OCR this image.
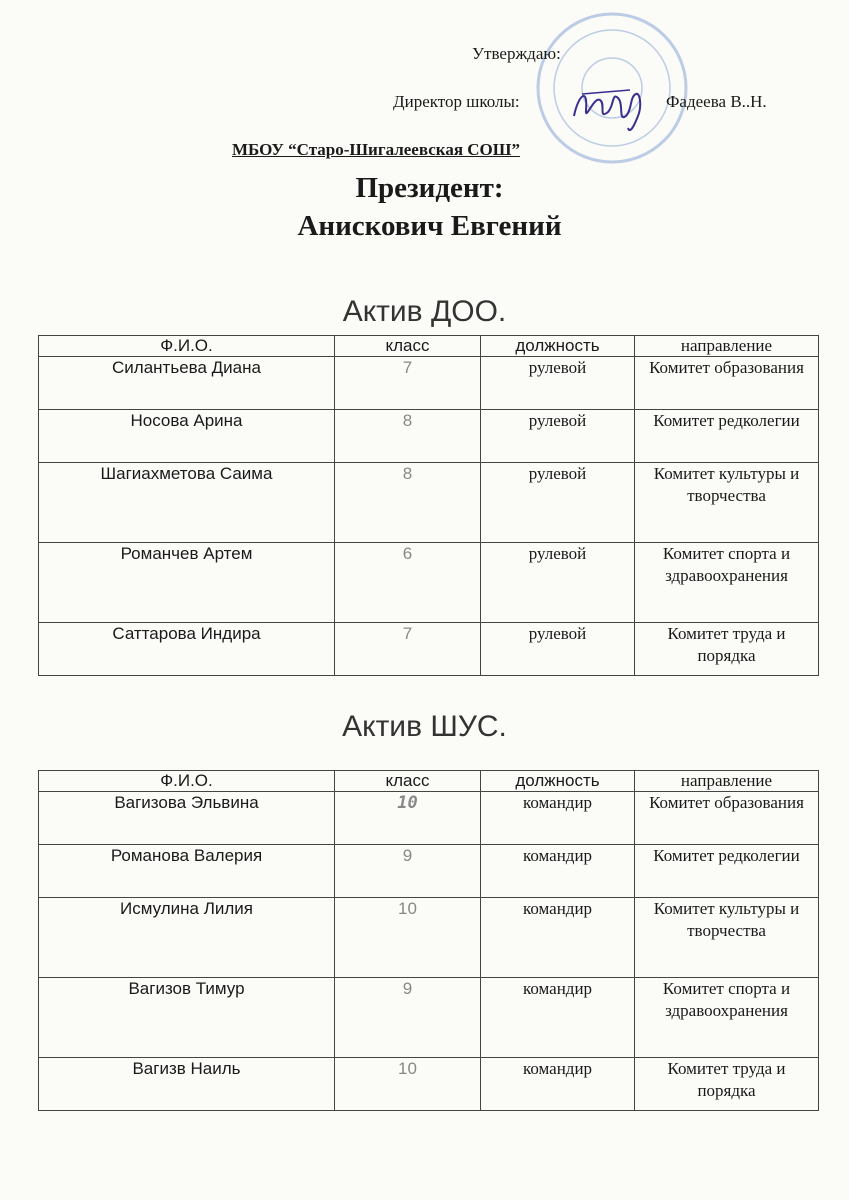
Утверждаю:
Директор школы:	Фадеева В..Н.
МБОУ “Старо-Шигалеевская СОШ”
Президент:
Анискович Евгений
Актив ДОО.
Ф.И.О.	класс	должность	направление
Силантьева Диана	7	рулевой	Комитет образования
Носова Арина	8	рулевой	Комитет редколегии
Шагиахметова Саима	8	рулевой	Комитет культуры и творчества
Романчев Артем	6	рулевой	Комитет спорта и здравоохранения
Саттарова Индира	7	рулевой	Комитет труда и порядка
Актив ШУС.
Ф.И.О.	класс	должность	направление
Вагизова Эльвина	10	командир	Комитет образования
Романова Валерия	9	командир	Комитет редколегии
Исмулина Лилия	10	командир	Комитет культуры и творчества
Вагизов Тимур	9	командир	Комитет спорта и здравоохранения
Вагизв Наиль	10	командир	Комитет труда и порядка
